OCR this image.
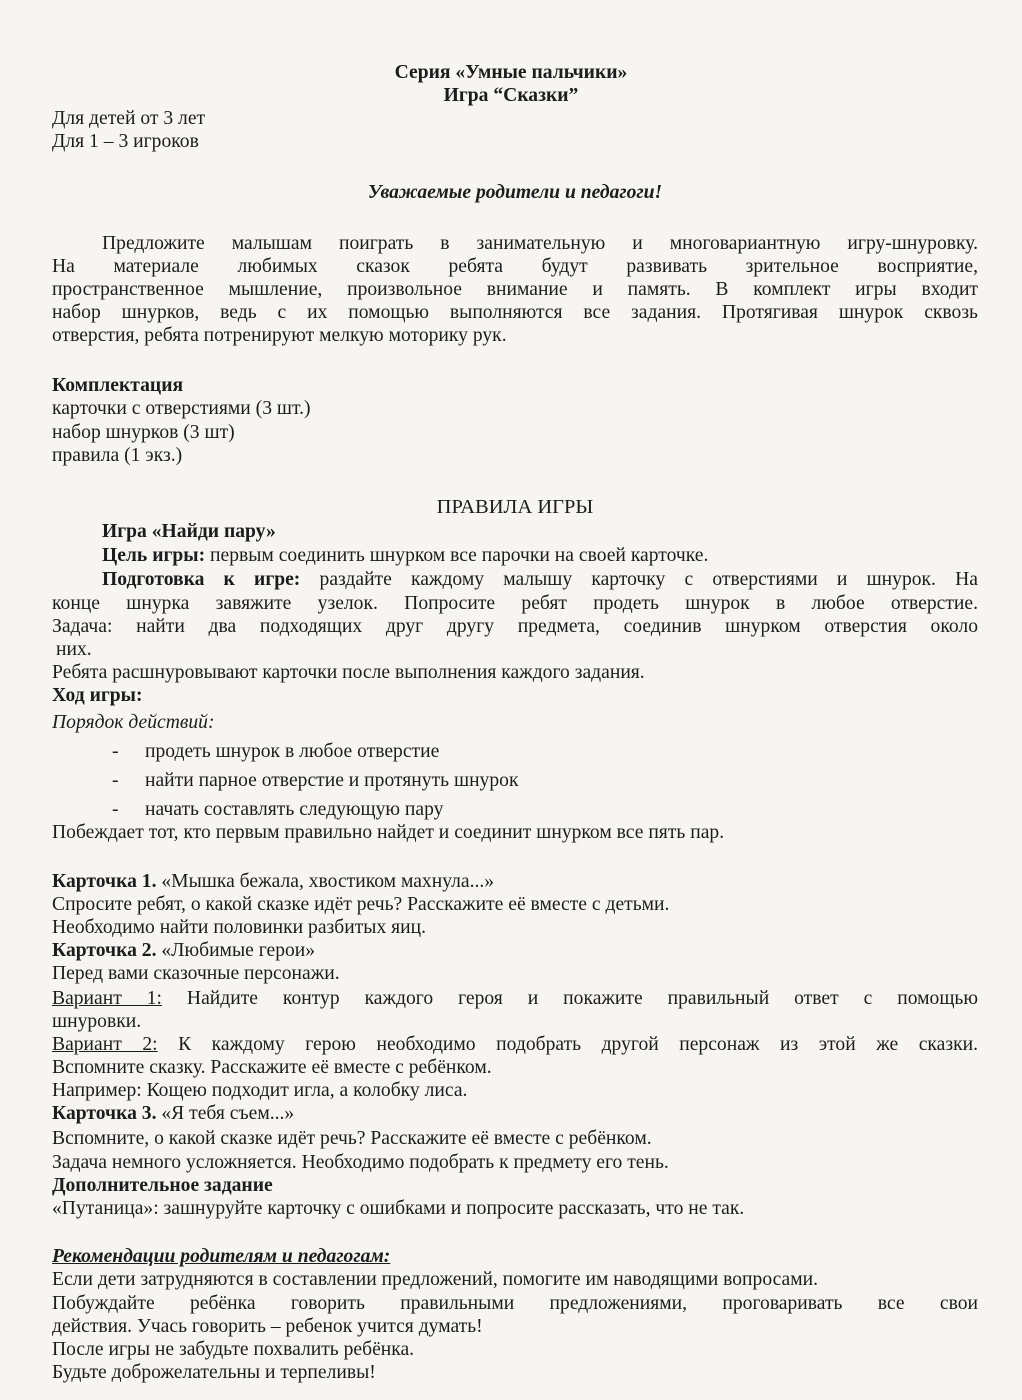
Серия «Умные пальчики»
Игра “Сказки”
Для детей от 3 лет
Для 1 – 3 игроков
Уважаемые родители и педагоги!
Предложите малышам поиграть в занимательную и многовариантную игру-шнуровку.
На материале любимых сказок ребята будут развивать зрительное восприятие,
пространственное мышление, произвольное внимание и память. В комплект игры входит
набор шнурков, ведь с их помощью выполняются все задания. Протягивая шнурок сквозь
отверстия, ребята потренируют мелкую моторику рук.
Комплектация
карточки с отверстиями (3 шт.)
набор шнурков (3 шт)
правила (1 экз.)
ПРАВИЛА ИГРЫ
Игра «Найди пару»
Цель игры: первым соединить шнурком все парочки на своей карточке.
Подготовка к игре: раздайте каждому малышу карточку с отверстиями и шнурок. На
конце шнурка завяжите узелок. Попросите ребят продеть шнурок в любое отверстие.
Задача: найти два подходящих друг другу предмета, соединив шнурком отверстия около
них.
Ребята расшнуровывают карточки после выполнения каждого задания.
Ход игры:
Порядок действий:
- продеть шнурок в любое отверстие
- найти парное отверстие и протянуть шнурок
- начать составлять следующую пару
Побеждает тот, кто первым правильно найдет и соединит шнурком все пять пар.
Карточка 1. «Мышка бежала, хвостиком махнула...»
Спросите ребят, о какой сказке идёт речь? Расскажите её вместе с детьми.
Необходимо найти половинки разбитых яиц.
Карточка 2. «Любимые герои»
Перед вами сказочные персонажи.
Вариант 1: Найдите контур каждого героя и покажите правильный ответ с помощью
шнуровки.
Вариант 2: К каждому герою необходимо подобрать другой персонаж из этой же сказки.
Вспомните сказку. Расскажите её вместе с ребёнком.
Например: Кощею подходит игла, а колобку лиса.
Карточка 3. «Я тебя съем...»
Вспомните, о какой сказке идёт речь? Расскажите её вместе с ребёнком.
Задача немного усложняется. Необходимо подобрать к предмету его тень.
Дополнительное задание
«Путаница»: зашнуруйте карточку с ошибками и попросите рассказать, что не так.
Рекомендации родителям и педагогам:
Если дети затрудняются в составлении предложений, помогите им наводящими вопросами.
Побуждайте ребёнка говорить правильными предложениями, проговаривать все свои
действия. Учась говорить – ребенок учится думать!
После игры не забудьте похвалить ребёнка.
Будьте доброжелательны и терпеливы!
